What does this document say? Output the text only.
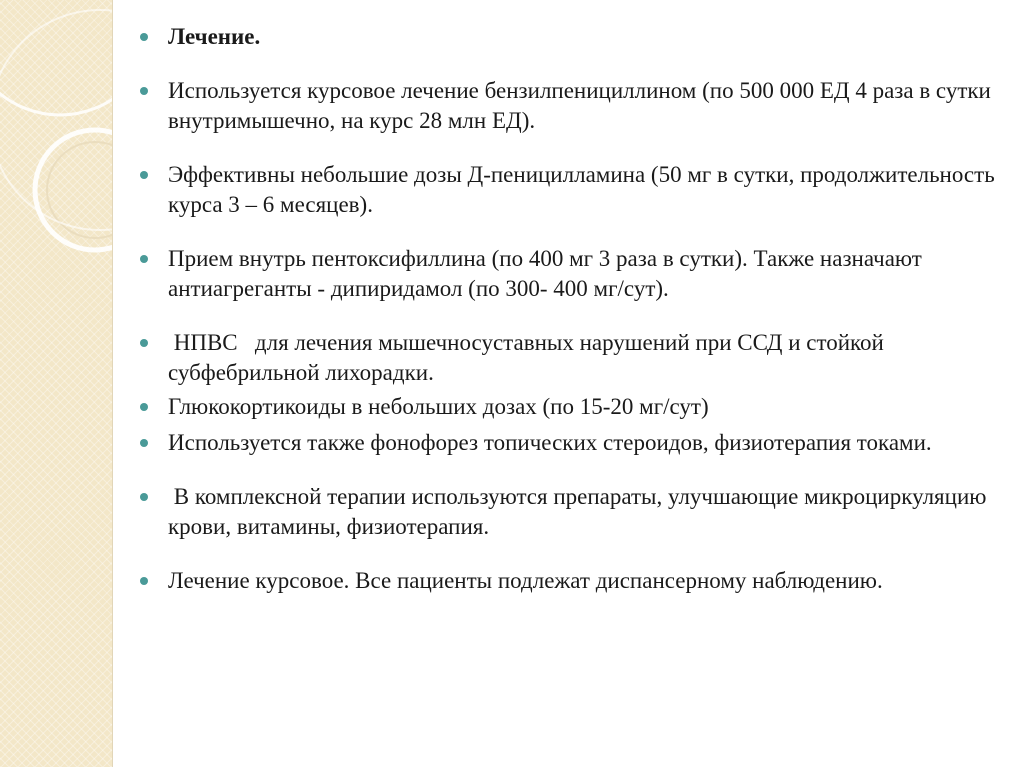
Лечение.
Используется курсовое лечение бензилпенициллином (по 500 000 ЕД 4 раза в сутки внутримышечно, на курс 28 млн ЕД).
Эффективны небольшие дозы Д-пеницилламина (50 мг в сутки, продолжительность курса 3 – 6 месяцев).
Прием внутрь пентоксифиллина (по 400 мг 3 раза в сутки). Также назначают антиагреганты - дипиридамол (по 300- 400 мг/сут).
НПВС   для лечения мышечносуставных нарушений при ССД и стойкой субфебрильной лихорадки.
Глюкокортикоиды в небольших дозах (по 15-20 мг/сут)
Используется также фонофорез топических стероидов, физиотерапия токами.
В комплексной терапии используются препараты, улучшающие микроциркуляцию крови, витамины, физиотерапия.
Лечение курсовое. Все пациенты подлежат диспансерному наблюдению.
